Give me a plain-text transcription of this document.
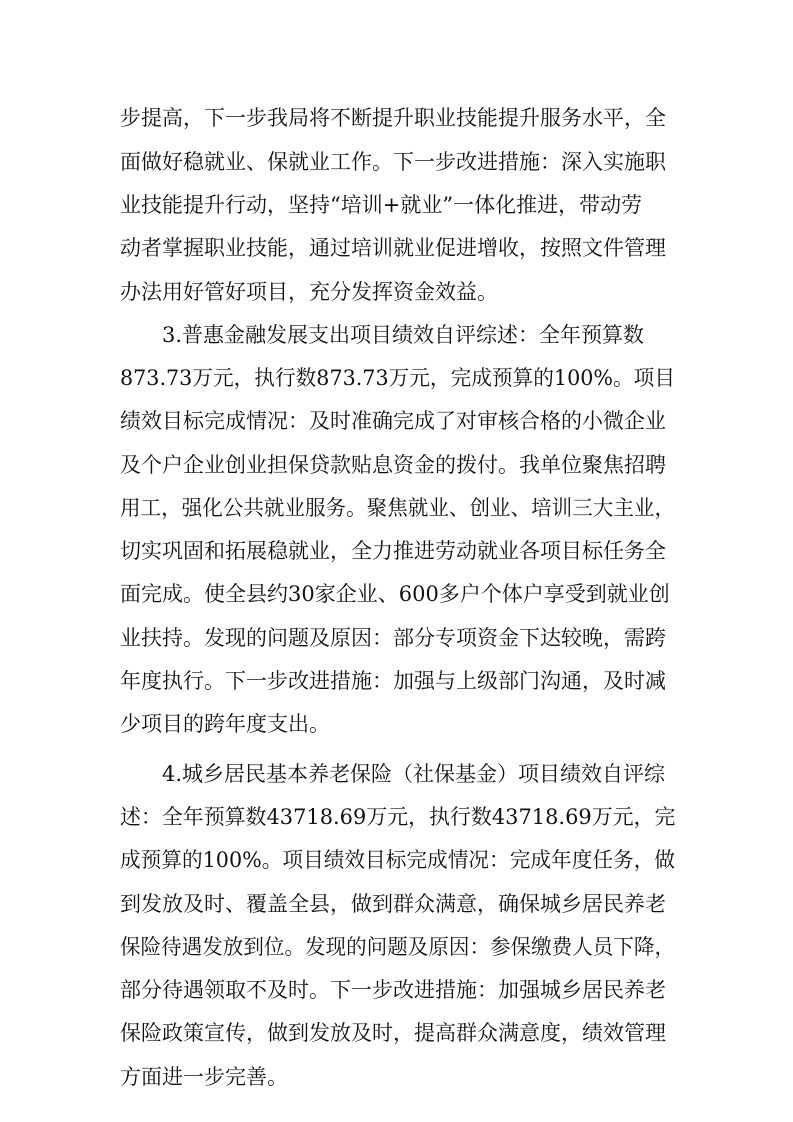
步提高，下一步我局将不断提升职业技能提升服务水平，全
面做好稳就业、保就业工作。下一步改进措施：深入实施职
业技能提升行动，坚持“培训+就业”一体化推进，带动劳
动者掌握职业技能，通过培训就业促进增收，按照文件管理
办法用好管好项目，充分发挥资金效益。
3.普惠金融发展支出项目绩效自评综述：全年预算数
873.73万元，执行数873.73万元，完成预算的100%。项目
绩效目标完成情况：及时准确完成了对审核合格的小微企业
及个户企业创业担保贷款贴息资金的拨付。我单位聚焦招聘
用工，强化公共就业服务。聚焦就业、创业、培训三大主业，
切实巩固和拓展稳就业，全力推进劳动就业各项目标任务全
面完成。使全县约30家企业、600多户个体户享受到就业创
业扶持。发现的问题及原因：部分专项资金下达较晚，需跨
年度执行。下一步改进措施：加强与上级部门沟通，及时减
少项目的跨年度支出。
4.城乡居民基本养老保险（社保基金）项目绩效自评综
述：全年预算数43718.69万元，执行数43718.69万元，完
成预算的100%。项目绩效目标完成情况：完成年度任务，做
到发放及时、覆盖全县，做到群众满意，确保城乡居民养老
保险待遇发放到位。发现的问题及原因：参保缴费人员下降，
部分待遇领取不及时。下一步改进措施：加强城乡居民养老
保险政策宣传，做到发放及时，提高群众满意度，绩效管理
方面进一步完善。
